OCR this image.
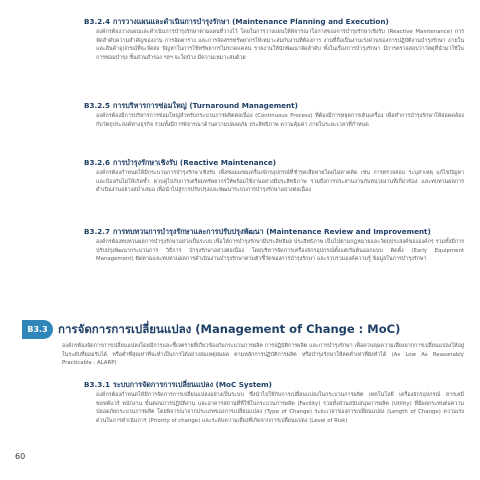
B3.2.4 การวางแผนและดำเนินการบำรุงรักษา (Maintenance Planning and Execution)

องค์กรต้องวางแผนและดำเนินการบำรุงรักษาตามแผนที่วางไว้ โดยในการวางแผนให้พิจารณาโอกาสของการบำรุงรักษาเชิงรับ (Reactive Maintenance) การจัดลำดับความสำคัญของงาน การจัดตาราง และการจัดสรรทรัพยากรให้เหมาะสมกับงานที่ต้องการ งานที่ถือเป็นงานเร่งด่วนของการปฏิบัติงานบำรุงรักษา ภายใน และสินค้าอุปกรณ์ที่จะจัดส่ง ปัญหาในการใช้ทรัพยากรไม่ขาดแคลน รายงานให้นักพัฒนาจัดลำดับ ทั้งในเรื่องการบำรุงรักษา มีการตรวจสอบว่าวัสดุที่นำมาใช้ในการซ่อมบำรุง ชิ้นส่วนสำรอง ฯลฯ จะใดบ้าง มีความเหมาะสมด้วย

B3.2.5 การบริหารการซ่อมใหญ่ (Turnaround Management)

องค์กรต้องมีการบริหารการซ่อมใหญ่สำหรับกระบวนการผลิตต่อเนื่อง (Continuous Process) ที่ต้องมีการหยุดการเดินเครื่อง เพื่อทำการบำรุงรักษาให้สอดคล้องกับวัตถุประสงค์ทางธุรกิจ รวมทั้งมีการพิจารณาด้านความปลอดภัย ประสิทธิภาพ ความคุ้มค่า ภายในระยะเวลาที่กำหนด

B3.2.6 การบำรุงรักษาเชิงรับ (Reactive Maintenance)

องค์กรต้องกำหนดให้มีกระบวนการบำรุงรักษาเชิงรับ เพื่อซ่อมแซมเครื่องจักรอุปกรณ์ที่ชำรุดเสียหายโดยไม่คาดคิด เช่น การตรวจสอบ ระบุสาเหตุ แก้ไขปัญหา และป้องกันไม่ให้เกิดซ้ำ ควบคู่ไปกับการเตรียมทรัพยากรให้พร้อมใช้งานอย่างมีประสิทธิภาพ รวมถึงการประสานงานกับหน่วยงานที่เกี่ยวข้อง และทบทวนผลการดำเนินงานอย่างสม่ำเสมอ เพื่อนำไปสู่การปรับปรุงและพัฒนาระบบการบำรุงรักษาอย่างต่อเนื่อง

B3.2.7 การทบทวนการบำรุงรักษาและการปรับปรุงพัฒนา (Maintenance Review and Improvement)

องค์กรต้องทบทวนผลการบำรุงรักษาอย่างเป็นระบบ เพื่อให้การบำรุงรักษามีประสิทธิผล ประสิทธิภาพ เป็นไปตามกฎหมายและวัตถุประสงค์ขององค์กร รวมทั้งมีการปรับปรุงพัฒนากระบวนการ วิธีการ บำรุงรักษาอย่างต่อเนื่อง โดยบริหารจัดการเครื่องจักรอุปกรณ์ตั้งแต่เริ่มต้นออกแบบ ติดตั้ง (Early Equipment Management) ติดตามและทบทวนผลการดำเนินงานบำรุงรักษาตามตัวชี้วัดของการบำรุงรักษา และรวบรวมองค์ความรู้ ข้อมูลในการบำรุงรักษา

B3.3 การจัดการการเปลี่ยนแปลง (Management of Change : MoC)

องค์กรต้องจัดการการเปลี่ยนแปลงโดยมีการและชี้เจตรายที่เกี่ยวข้องกับกระบวนการผลิต การปฏิบัติการผลิต และการบำรุงรักษา เพื่อควบคุมความเสี่ยงจากการเปลี่ยนแปลงให้อยู่ในระดับที่ยอมรับได้ หรือต่ำที่สุดเท่าที่จะทำเป็นการได้อย่างสมเหตุสมผล ตามหลักการปฏิบัติการผลิต หรือบำรุงรักษาให้ลดต่ำเท่าที่ยังทำได้ (As Low As Reasonably Practicable : ALARP)

B3.3.1 ระบบการจัดการการเปลี่ยนแปลง (MoC System)

องค์กรต้องกำหนดให้มีการจัดการการเปลี่ยนแปลงอย่างเป็นระบบ ซึ่งนำไปใช้กับการเปลี่ยนแปลงในกระบวนการผลิต เทคโนโลยี เครื่องจักรอุปกรณ์ สารเคมี ซอฟต์แวร์ พนักงาน ขั้นตอนการปฏิบัติงาน และอาคารสถานที่ที่ใช้ในกระบวนการผลิต (Facility) รวมทั้งส่วนสนับสนุนการผลิต (Utility) ที่มีผลกระทบต่อความปลอดภัยกระบวนการผลิต โดยพิจารณาจากประเภทของการเปลี่ยนแปลง (Type of Change) ระยะเวลาของการเปลี่ยนแปลง (Length of Change) ความเร่งด่วนในการดำเนินการ (Priority of change) และระดับความเสี่ยงที่เกิดจากการเปลี่ยนแปลง (Level of Risk)

60
